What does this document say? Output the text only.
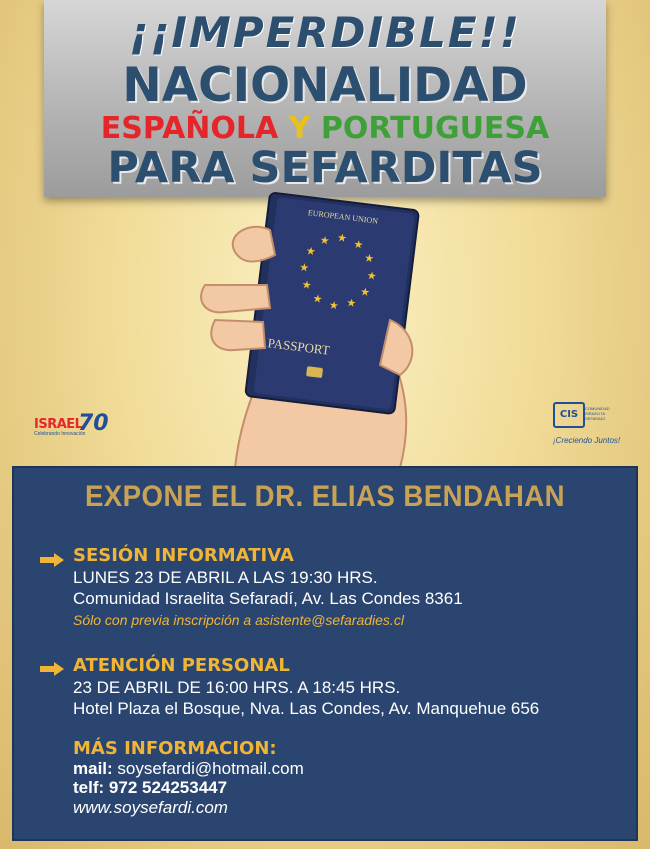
¡¡IMPERDIBLE!!
NACIONALIDAD
ESPAÑOLA Y PORTUGUESA
PARA SEFARDITAS
EUROPEAN UNION
★
★
★
★
★
★
★
★
★
★
★
★
PASSPORT
ISRAEL
70
Celebrando Innovación
CIS
COMUNIDAD ISRAELITA SEFARADÍ
¡Creciendo Juntos!
EXPONE EL DR. ELIAS BENDAHAN
SESIÓN INFORMATIVA
LUNES 23 DE ABRIL A LAS 19:30 HRS.
Comunidad Israelita Sefaradí, Av. Las Condes 8361
Sólo con previa inscripción a asistente@sefaradies.cl
ATENCIÓN PERSONAL
23 DE ABRIL DE 16:00 HRS. A 18:45 HRS.
Hotel Plaza el Bosque, Nva. Las Condes, Av. Manquehue 656
MÁS INFORMACION:
mail: soysefardi@hotmail.com
telf: 972 524253447
www.soysefardi.com
